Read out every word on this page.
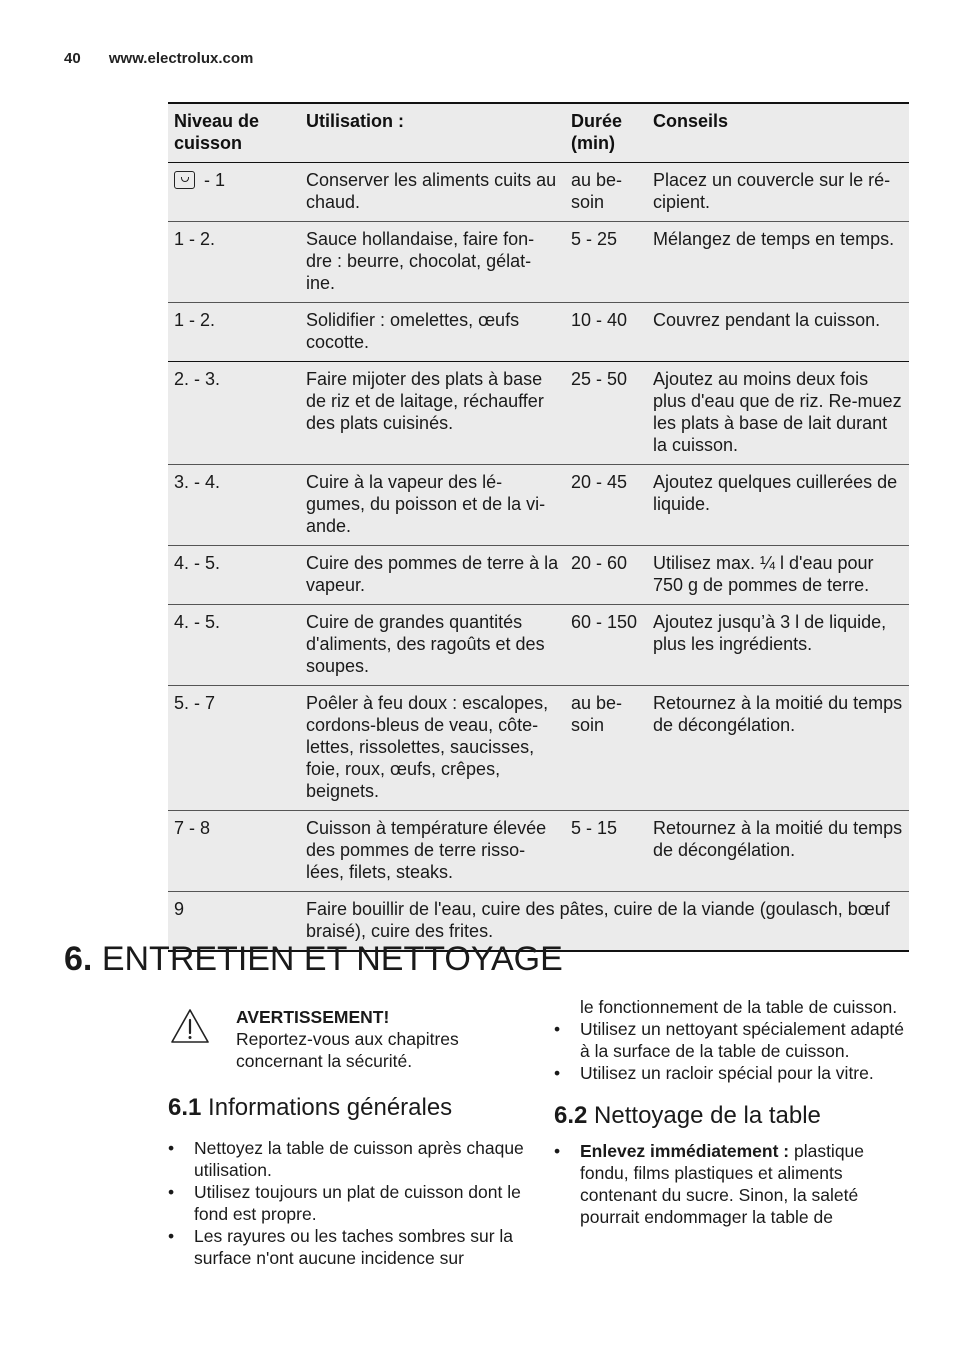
40 www.electrolux.com
Niveau de cuisson	Utilisation :	Durée (min)	Conseils
- 1	Conserver les aliments cuits au chaud.	au be-soin	Placez un couvercle sur le ré-cipient.
1 - 2.	Sauce hollandaise, faire fon-dre : beurre, chocolat, gélat-ine.	5 - 25	Mélangez de temps en temps.
1 - 2.	Solidifier : omelettes, œufs cocotte.	10 - 40	Couvrez pendant la cuisson.
2. - 3.	Faire mijoter des plats à base de riz et de laitage, réchauffer des plats cuisinés.	25 - 50	Ajoutez au moins deux fois plus d'eau que de riz. Re-muez les plats à base de lait durant la cuisson.
3. - 4.	Cuire à la vapeur des lé-gumes, du poisson et de la vi-ande.	20 - 45	Ajoutez quelques cuillerées de liquide.
4. - 5.	Cuire des pommes de terre à la vapeur.	20 - 60	Utilisez max. ¼ l d'eau pour 750 g de pommes de terre.
4. - 5.	Cuire de grandes quantités d'aliments, des ragoûts et des soupes.	60 - 150	Ajoutez jusqu’à 3 l de liquide, plus les ingrédients.
5. - 7	Poêler à feu doux : escalopes, cordons-bleus de veau, côte-lettes, rissolettes, saucisses, foie, roux, œufs, crêpes, beignets.	au be-soin	Retournez à la moitié du temps de décongélation.
7 - 8	Cuisson à température élevée des pommes de terre risso-lées, filets, steaks.	5 - 15	Retournez à la moitié du temps de décongélation.
9	Faire bouillir de l'eau, cuire des pâtes, cuire de la viande (goulasch, bœuf braisé), cuire des frites.		
6. ENTRETIEN ET NETTOYAGE
AVERTISSEMENT!
Reportez-vous aux chapitres concernant la sécurité.
6.1 Informations générales
• Nettoyez la table de cuisson après chaque utilisation.
• Utilisez toujours un plat de cuisson dont le fond est propre.
• Les rayures ou les taches sombres sur la surface n'ont aucune incidence sur
le fonctionnement de la table de cuisson.
• Utilisez un nettoyant spécialement adapté à la surface de la table de cuisson.
• Utilisez un racloir spécial pour la vitre.
6.2 Nettoyage de la table
• Enlevez immédiatement : plastique fondu, films plastiques et aliments contenant du sucre. Sinon, la saleté pourrait endommager la table de
